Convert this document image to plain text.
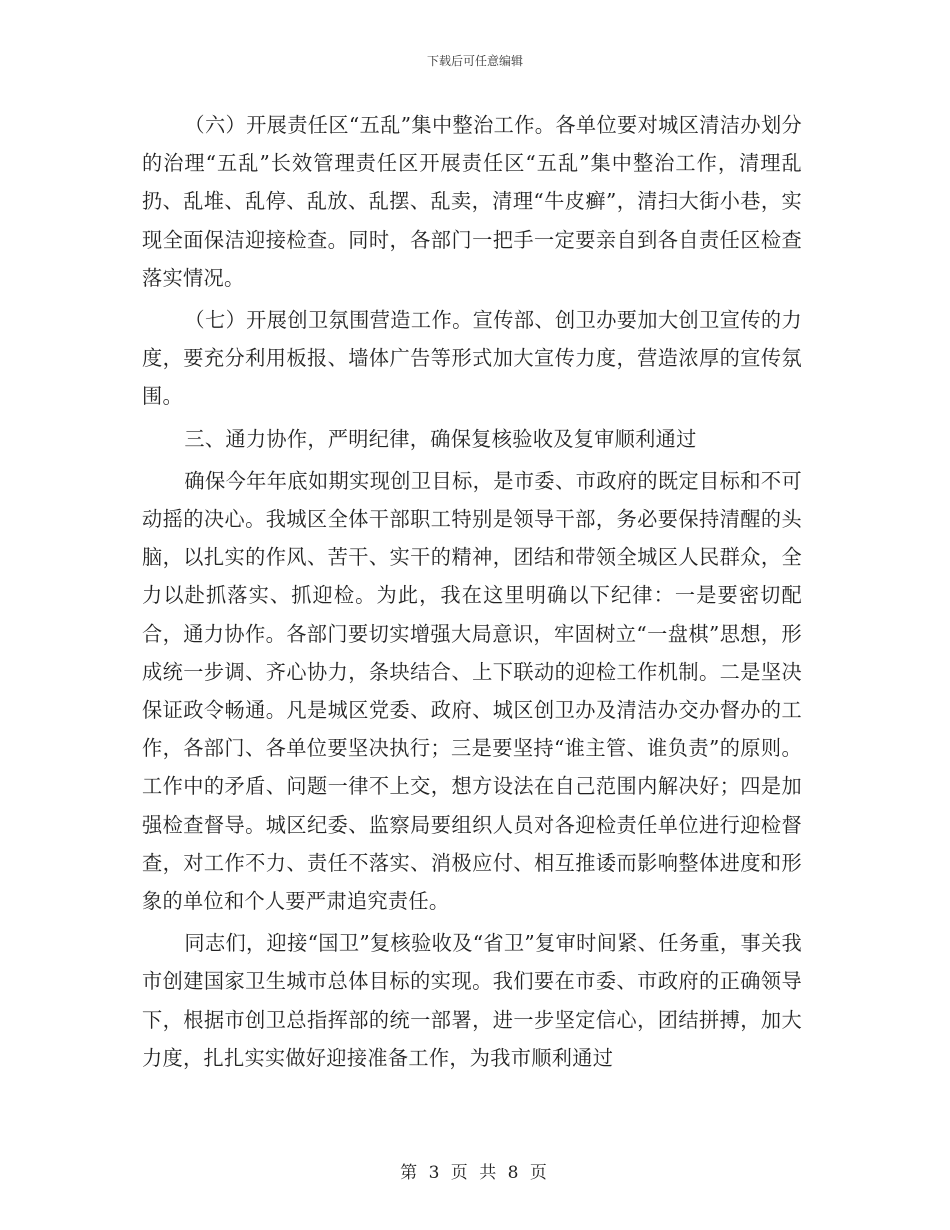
下载后可任意编辑

（六）开展责任区“五乱”集中整治工作。各单位要对城区清洁办划分的治理“五乱”长效管理责任区开展责任区“五乱”集中整治工作，清理乱扔、乱堆、乱停、乱放、乱摆、乱卖，清理“牛皮癣”，清扫大街小巷，实现全面保洁迎接检查。同时，各部门一把手一定要亲自到各自责任区检查落实情况。

（七）开展创卫氛围营造工作。宣传部、创卫办要加大创卫宣传的力度，要充分利用板报、墙体广告等形式加大宣传力度，营造浓厚的宣传氛围。

三、通力协作，严明纪律，确保复核验收及复审顺利通过

确保今年年底如期实现创卫目标，是市委、市政府的既定目标和不可动摇的决心。我城区全体干部职工特别是领导干部，务必要保持清醒的头脑，以扎实的作风、苦干、实干的精神，团结和带领全城区人民群众，全力以赴抓落实、抓迎检。为此，我在这里明确以下纪律：一是要密切配合，通力协作。各部门要切实增强大局意识，牢固树立“一盘棋”思想，形成统一步调、齐心协力，条块结合、上下联动的迎检工作机制。二是坚决保证政令畅通。凡是城区党委、政府、城区创卫办及清洁办交办督办的工作，各部门、各单位要坚决执行；三是要坚持“谁主管、谁负责”的原则。工作中的矛盾、问题一律不上交，想方设法在自己范围内解决好；四是加强检查督导。城区纪委、监察局要组织人员对各迎检责任单位进行迎检督查，对工作不力、责任不落实、消极应付、相互推诿而影响整体进度和形象的单位和个人要严肃追究责任。

同志们，迎接“国卫”复核验收及“省卫”复审时间紧、任务重，事关我市创建国家卫生城市总体目标的实现。我们要在市委、市政府的正确领导下，根据市创卫总指挥部的统一部署，进一步坚定信心，团结拼搏，加大力度，扎扎实实做好迎接准备工作，为我市顺利通过

第 3 页 共 8 页
